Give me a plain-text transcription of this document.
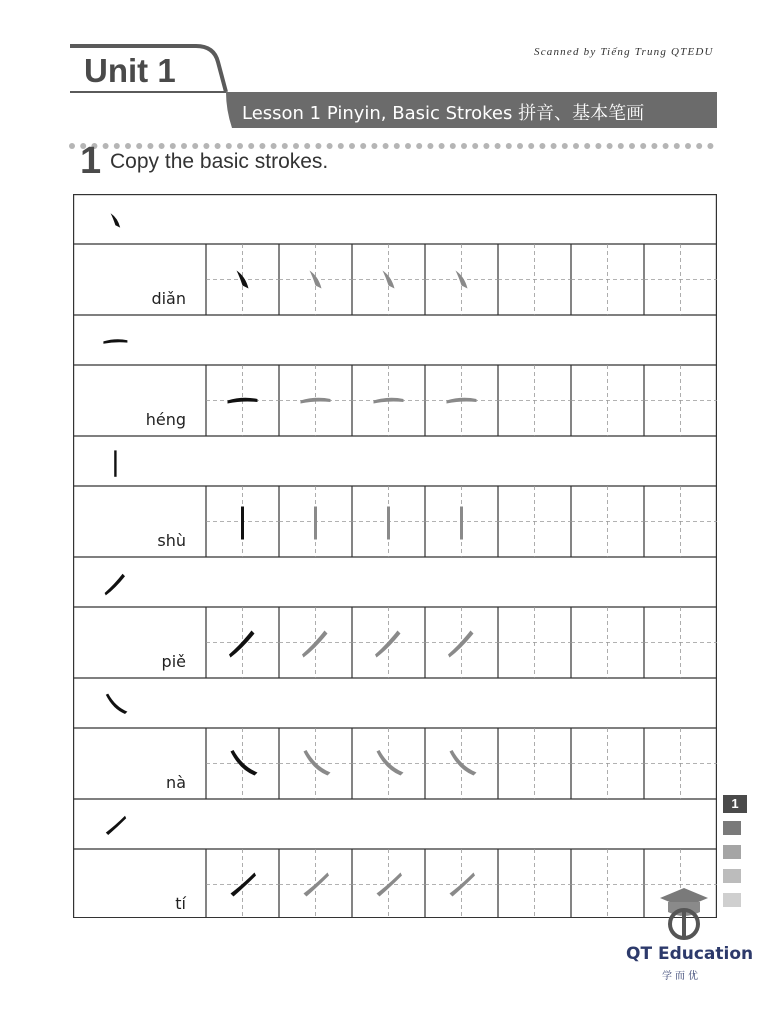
Scanned by Tiếng Trung QTEDU
Unit 1
Lesson 1 Pinyin, Basic Strokes 拼音、基本笔画
1 Copy the basic strokes.
diǎn
héng
shù
piě
nà
tí
1
QT Education
学而优
